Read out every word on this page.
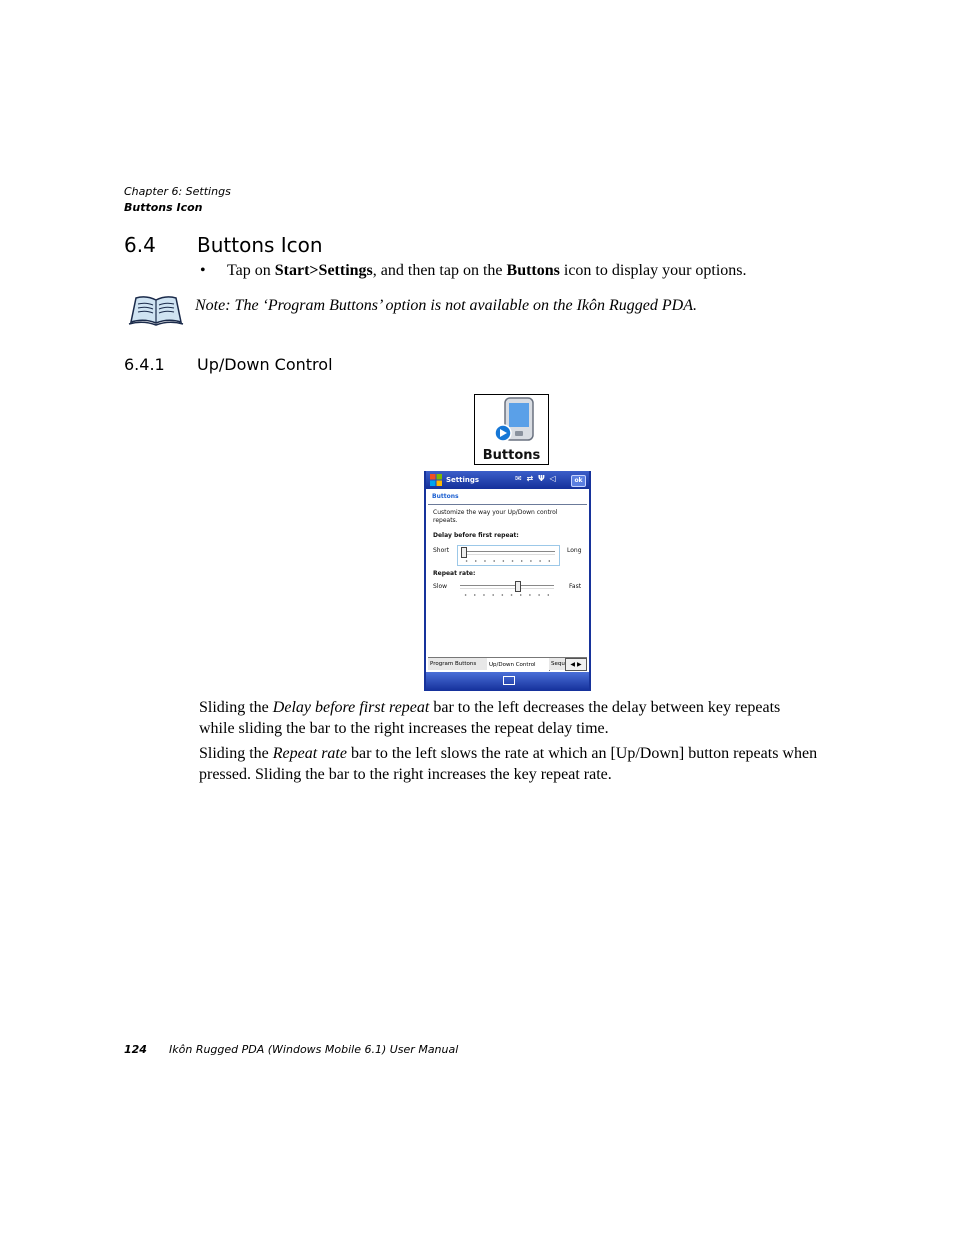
Chapter 6: Settings
Buttons Icon
6.4 Buttons Icon
• Tap on Start>Settings, and then tap on the Buttons icon to display your options.
Note: The ‘Program Buttons’ option is not available on the Ikôn Rugged PDA.
6.4.1 Up/Down Control
Buttons
Settings	✉ ⇄ Ψ ◁	ok
Buttons
Customize the way your Up/Down control repeats.
Delay before first repeat:
Short	Long
Repeat rate:
Slow	Fast
Program Buttons	Up/Down Control	Sequ ◀ ▶
Sliding the Delay before first repeat bar to the left decreases the delay between key repeats while sliding the bar to the right increases the repeat delay time.
Sliding the Repeat rate bar to the left slows the rate at which an [Up/Down] button repeats when pressed. Sliding the bar to the right increases the key repeat rate.
124 Ikôn Rugged PDA (Windows Mobile 6.1) User Manual
